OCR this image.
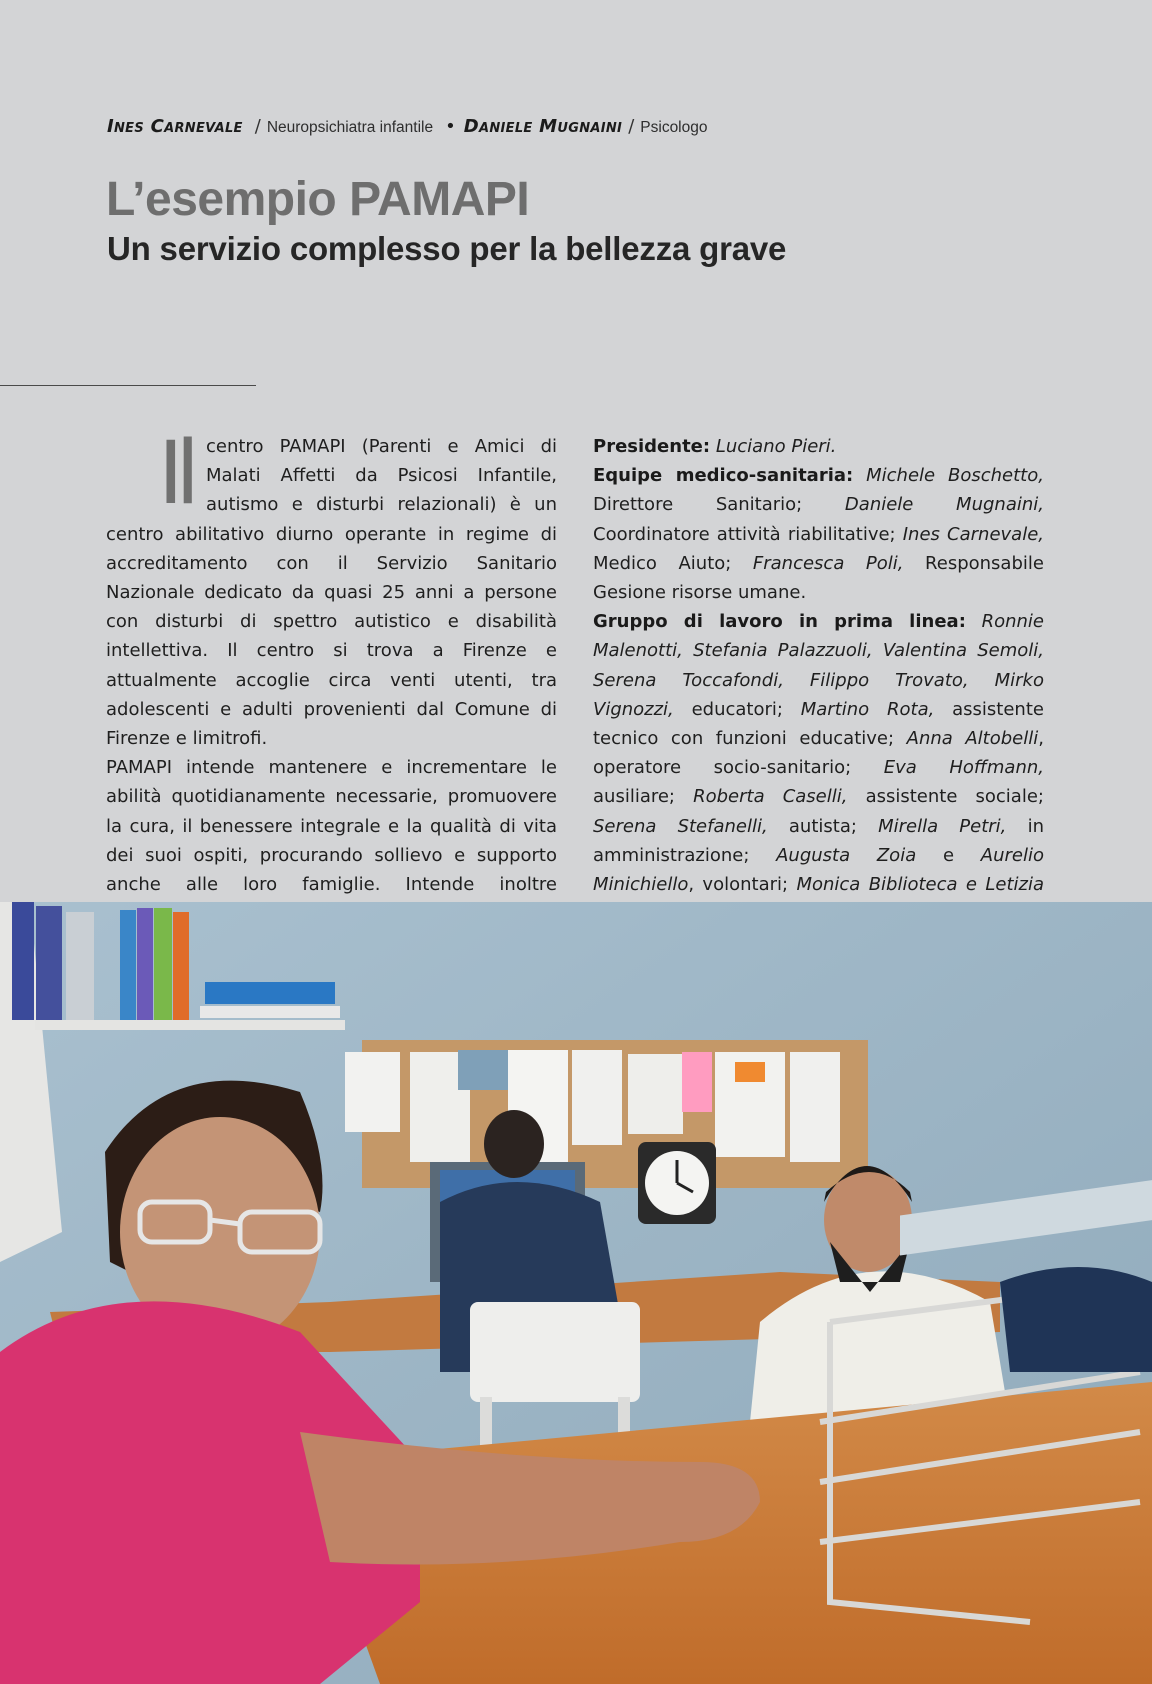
Ines Carnevale / Neuropsichiatra infantile • Daniele Mugnaini / Psicologo
L’esempio PAMAPI
Un servizio complesso per la bellezza grave

Il centro PAMAPI (Parenti e Amici di Malati Affetti da Psicosi Infantile, autismo e disturbi relazionali) è un centro abilitativo diurno operante in regime di accreditamento con il Servizio Sanitario Nazionale dedicato da quasi 25 anni a persone con disturbi di spettro autistico e disabilità intellettiva. Il centro si trova a Firenze e attualmente accoglie circa venti utenti, tra adolescenti e adulti provenienti dal Comune di Firenze e limitrofi.

PAMAPI intende mantenere e incrementare le abilità quotidianamente necessarie, promuovere la cura, il benessere integrale e la qualità di vita dei suoi ospiti, procurando sollievo e supporto anche alle loro famiglie. Intende inoltre

Presidente: Luciano Pieri.

Equipe medico-sanitaria: Michele Boschetto, Direttore Sanitario; Daniele Mugnaini, Coordinatore attività riabilitative; Ines Carnevale, Medico Aiuto; Francesca Poli, Responsabile Gesione risorse umane.

Gruppo di lavoro in prima linea: Ronnie Malenotti, Stefania Palazzuoli, Valentina Semoli, Serena Toccafondi, Filippo Trovato, Mirko Vignozzi, educatori; Martino Rota, assistente tecnico con funzioni educative; Anna Altobelli, operatore socio-sanitario; Eva Hoffmann, ausiliare; Roberta Caselli, assistente sociale; Serena Stefanelli, autista; Mirella Petri, in amministrazione; Augusta Zoia e Aurelio Minichiello, volontari; Monica Biblioteca e Letizia
